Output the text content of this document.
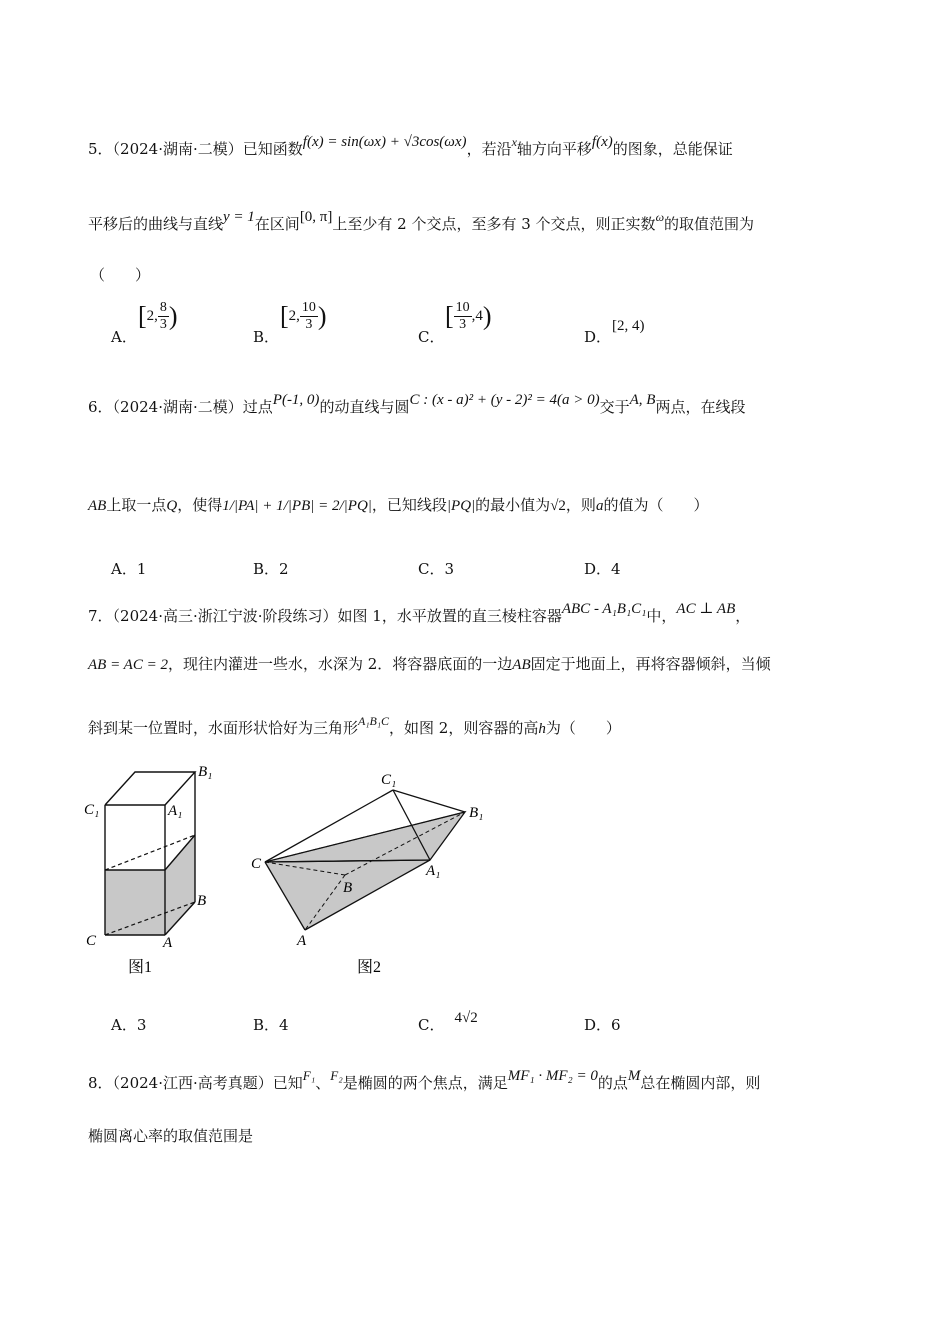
5．（2024·湖南·二模）已知函数f(x) = sin(ωx) + √3cos(ωx)，若沿$^x$轴方向平移f(x)的图象，总能保证
平移后的曲线与直线y = 1在区间[0, π]上至少有 2 个交点，至多有 3 个交点，则正实数$^\omega$的取值范围为
（　　）
A．
[2, $\frac{8}{3}$ )
B．
[2, $\frac{10}{3}$ )
C．
[ $\frac{10}{3} ,4$)
D．
[2, 4)
6．（2024·湖南·二模）过点P(-1, 0)的动直线与圆C : (x - a)² + (y - 2)² = 4(a > 0)交于A, B两点，在线段
AB上取一点Q，使得1/|PA| + 1/|PB| = 2/|PQ|，已知线段|PQ|的最小值为√2，则a的值为（　　）
A．1	B．2	C．3	D．4
7．（2024·高三·浙江宁波·阶段练习）如图 1，水平放置的直三棱柱容器ABC - A₁B₁C₁中，AC ⊥ AB，
AB = AC = 2，现往内灌进一些水，水深为 2．将容器底面的一边AB固定于地面上，再将容器倾斜，当倾
斜到某一位置时，水面形状恰好为三角形$^{A_1B_1C}$，如图 2，则容器的高h为（　　）
B₁
C₁	A₁
B
C	A
图1
C₁
B₁
C	A₁
B
A
图2
A．3	B．4	C． 4√2	D．6
8．（2024·江西·高考真题）已知F₁、F₂是椭圆的两个焦点，满足MF₁ · MF₂ = 0的点M总在椭圆内部，则
椭圆离心率的取值范围是
